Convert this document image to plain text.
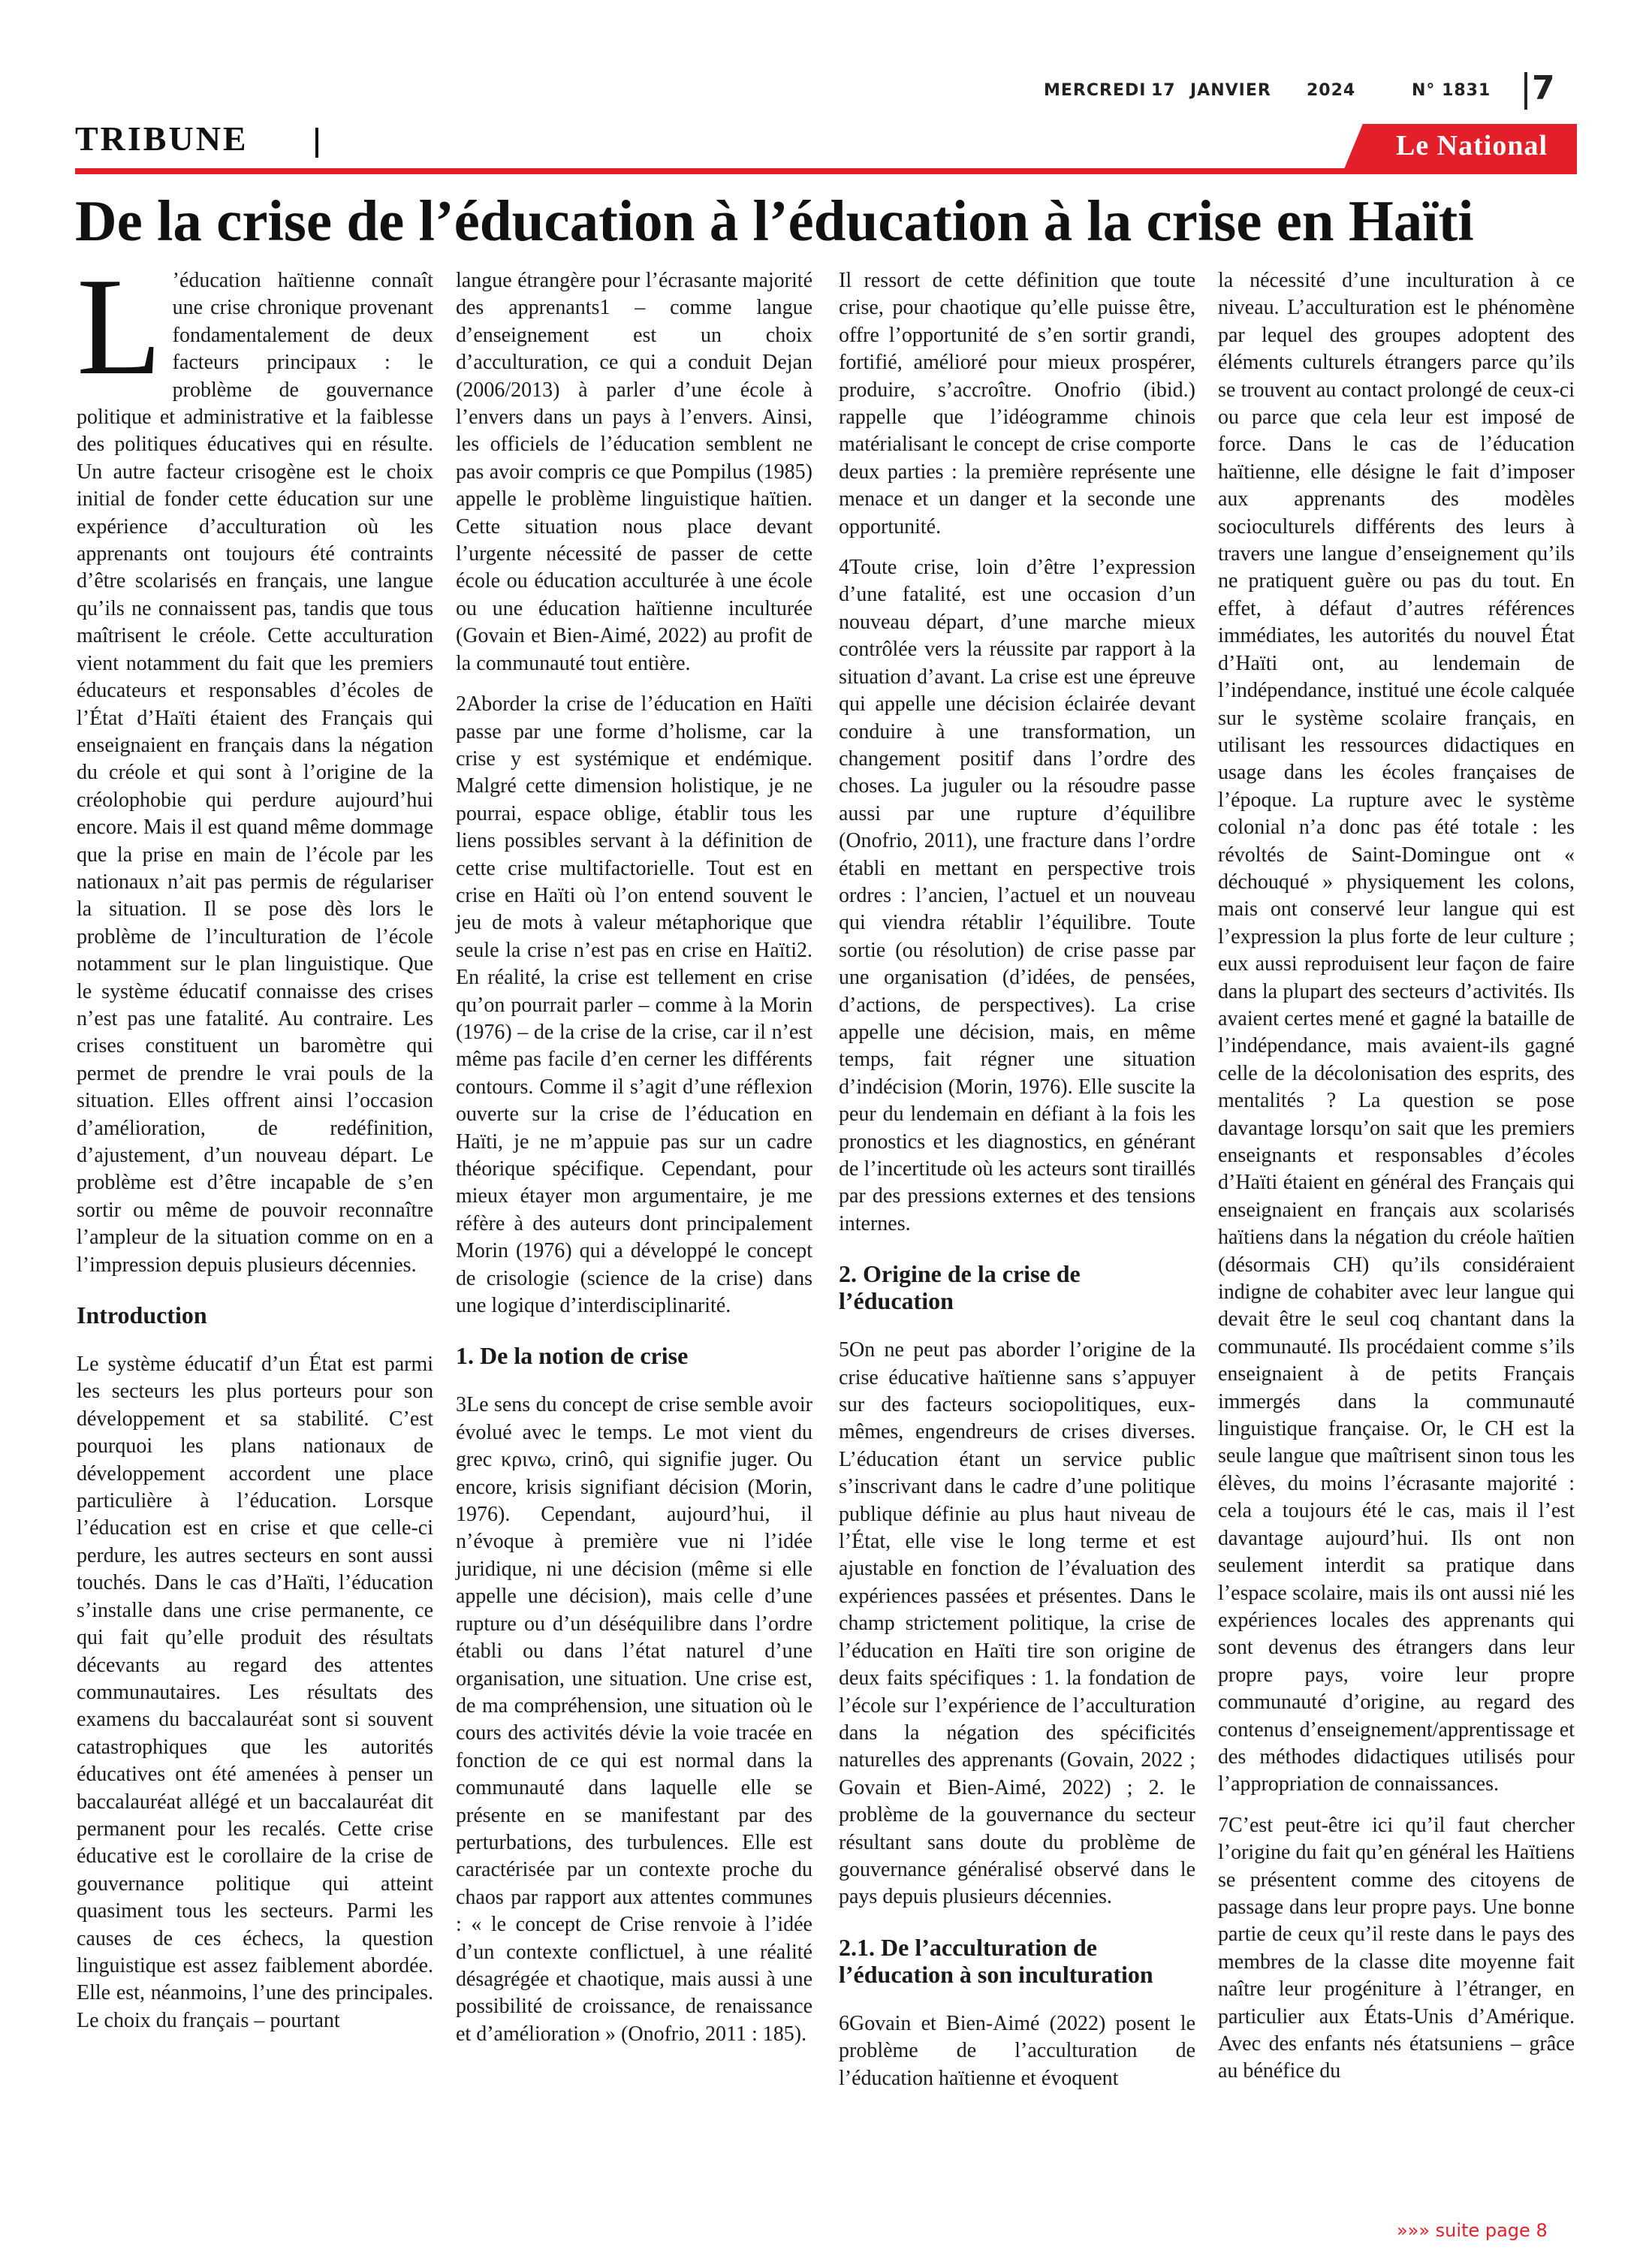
MERCREDI 17 JANVIER 2024	N° 1831 7
TRIBUNE	Le National
De la crise de l’éducation à l’éducation à la crise en Haïti

L ’éducation haïtienne connaît une crise chronique provenant fondamentalement de deux facteurs principaux : le problème de gouvernance politique et administrative et la faiblesse des politiques éducatives qui en résulte. Un autre facteur crisogène est le choix initial de fonder cette éducation sur une expérience d’acculturation où les apprenants ont toujours été contraints d’être scolarisés en français, une langue qu’ils ne connaissent pas, tandis que tous maîtrisent le créole. Cette acculturation vient notamment du fait que les premiers éducateurs et responsables d’écoles de l’État d’Haïti étaient des Français qui enseignaient en français dans la négation du créole et qui sont à l’origine de la créolophobie qui perdure aujourd’hui encore. Mais il est quand même dommage que la prise en main de l’école par les nationaux n’ait pas permis de régulariser la situation. Il se pose dès lors le problème de l’inculturation de l’école notamment sur le plan linguistique. Que le système éducatif connaisse des crises n’est pas une fatalité. Au contraire. Les crises constituent un baromètre qui permet de prendre le vrai pouls de la situation. Elles offrent ainsi l’occasion d’amélioration, de redéfinition, d’ajustement, d’un nouveau départ. Le problème est d’être incapable de s’en sortir ou même de pouvoir reconnaître l’ampleur de la situation comme on en a l’impression depuis plusieurs décennies.

Introduction

Le système éducatif d’un État est parmi les secteurs les plus porteurs pour son développement et sa stabilité. C’est pourquoi les plans nationaux de développement accordent une place particulière à l’éducation. Lorsque l’éducation est en crise et que celle-ci perdure, les autres secteurs en sont aussi touchés. Dans le cas d’Haïti, l’éducation s’installe dans une crise permanente, ce qui fait qu’elle produit des résultats décevants au regard des attentes communautaires. Les résultats des examens du baccalauréat sont si souvent catastrophiques que les autorités éducatives ont été amenées à penser un baccalauréat allégé et un baccalauréat dit permanent pour les recalés. Cette crise éducative est le corollaire de la crise de gouvernance politique qui atteint quasiment tous les secteurs. Parmi les causes de ces échecs, la question linguistique est assez faiblement abordée. Elle est, néanmoins, l’une des principales. Le choix du français – pourtant

langue étrangère pour l’écrasante majorité des apprenants1 – comme langue d’enseignement est un choix d’acculturation, ce qui a conduit Dejan (2006/2013) à parler d’une école à l’envers dans un pays à l’envers. Ainsi, les officiels de l’éducation semblent ne pas avoir compris ce que Pompilus (1985) appelle le problème linguistique haïtien. Cette situation nous place devant l’urgente nécessité de passer de cette école ou éducation acculturée à une école ou une éducation haïtienne inculturée (Govain et Bien-Aimé, 2022) au profit de la communauté tout entière.

2Aborder la crise de l’éducation en Haïti passe par une forme d’holisme, car la crise y est systémique et endémique. Malgré cette dimension holistique, je ne pourrai, espace oblige, établir tous les liens possibles servant à la définition de cette crise multifactorielle. Tout est en crise en Haïti où l’on entend souvent le jeu de mots à valeur métaphorique que seule la crise n’est pas en crise en Haïti2. En réalité, la crise est tellement en crise qu’on pourrait parler – comme à la Morin (1976) – de la crise de la crise, car il n’est même pas facile d’en cerner les différents contours. Comme il s’agit d’une réflexion ouverte sur la crise de l’éducation en Haïti, je ne m’appuie pas sur un cadre théorique spécifique. Cependant, pour mieux étayer mon argumentaire, je me réfère à des auteurs dont principalement Morin (1976) qui a développé le concept de crisologie (science de la crise) dans une logique d’interdisciplinarité.

1. De la notion de crise

3Le sens du concept de crise semble avoir évolué avec le temps. Le mot vient du grec κρινω, crinô, qui signifie juger. Ou encore, krisis signifiant décision (Morin, 1976). Cependant, aujourd’hui, il n’évoque à première vue ni l’idée juridique, ni une décision (même si elle appelle une décision), mais celle d’une rupture ou d’un déséquilibre dans l’ordre établi ou dans l’état naturel d’une organisation, une situation. Une crise est, de ma compréhension, une situation où le cours des activités dévie la voie tracée en fonction de ce qui est normal dans la communauté dans laquelle elle se présente en se manifestant par des perturbations, des turbulences. Elle est caractérisée par un contexte proche du chaos par rapport aux attentes communes : « le concept de Crise renvoie à l’idée d’un contexte conflictuel, à une réalité désagrégée et chaotique, mais aussi à une possibilité de croissance, de renaissance et d’amélioration » (Onofrio, 2011 : 185).

Il ressort de cette définition que toute crise, pour chaotique qu’elle puisse être, offre l’opportunité de s’en sortir grandi, fortifié, amélioré pour mieux prospérer, produire, s’accroître. Onofrio (ibid.) rappelle que l’idéogramme chinois matérialisant le concept de crise comporte deux parties : la première représente une menace et un danger et la seconde une opportunité.

4Toute crise, loin d’être l’expression d’une fatalité, est une occasion d’un nouveau départ, d’une marche mieux contrôlée vers la réussite par rapport à la situation d’avant. La crise est une épreuve qui appelle une décision éclairée devant conduire à une transformation, un changement positif dans l’ordre des choses. La juguler ou la résoudre passe aussi par une rupture d’équilibre (Onofrio, 2011), une fracture dans l’ordre établi en mettant en perspective trois ordres : l’ancien, l’actuel et un nouveau qui viendra rétablir l’équilibre. Toute sortie (ou résolution) de crise passe par une organisation (d’idées, de pensées, d’actions, de perspectives). La crise appelle une décision, mais, en même temps, fait régner une situation d’indécision (Morin, 1976). Elle suscite la peur du lendemain en défiant à la fois les pronostics et les diagnostics, en générant de l’incertitude où les acteurs sont tiraillés par des pressions externes et des tensions internes.

2. Origine de la crise de l’éducation

5On ne peut pas aborder l’origine de la crise éducative haïtienne sans s’appuyer sur des facteurs sociopolitiques, eux-mêmes, engendreurs de crises diverses. L’éducation étant un service public s’inscrivant dans le cadre d’une politique publique définie au plus haut niveau de l’État, elle vise le long terme et est ajustable en fonction de l’évaluation des expériences passées et présentes. Dans le champ strictement politique, la crise de l’éducation en Haïti tire son origine de deux faits spécifiques : 1. la fondation de l’école sur l’expérience de l’acculturation dans la négation des spécificités naturelles des apprenants (Govain, 2022 ; Govain et Bien-Aimé, 2022) ; 2. le problème de la gouvernance du secteur résultant sans doute du problème de gouvernance généralisé observé dans le pays depuis plusieurs décennies.

2.1. De l’acculturation de l’éducation à son inculturation

6Govain et Bien-Aimé (2022) posent le problème de l’acculturation de l’éducation haïtienne et évoquent

la nécessité d’une inculturation à ce niveau. L’acculturation est le phénomène par lequel des groupes adoptent des éléments culturels étrangers parce qu’ils se trouvent au contact prolongé de ceux-ci ou parce que cela leur est imposé de force. Dans le cas de l’éducation haïtienne, elle désigne le fait d’imposer aux apprenants des modèles socioculturels différents des leurs à travers une langue d’enseignement qu’ils ne pratiquent guère ou pas du tout. En effet, à défaut d’autres références immédiates, les autorités du nouvel État d’Haïti ont, au lendemain de l’indépendance, institué une école calquée sur le système scolaire français, en utilisant les ressources didactiques en usage dans les écoles françaises de l’époque. La rupture avec le système colonial n’a donc pas été totale : les révoltés de Saint-Domingue ont « déchouqué » physiquement les colons, mais ont conservé leur langue qui est l’expression la plus forte de leur culture ; eux aussi reproduisent leur façon de faire dans la plupart des secteurs d’activités. Ils avaient certes mené et gagné la bataille de l’indépendance, mais avaient-ils gagné celle de la décolonisation des esprits, des mentalités ? La question se pose davantage lorsqu’on sait que les premiers enseignants et responsables d’écoles d’Haïti étaient en général des Français qui enseignaient en français aux scolarisés haïtiens dans la négation du créole haïtien (désormais CH) qu’ils considéraient indigne de cohabiter avec leur langue qui devait être le seul coq chantant dans la communauté. Ils procédaient comme s’ils enseignaient à de petits Français immergés dans la communauté linguistique française. Or, le CH est la seule langue que maîtrisent sinon tous les élèves, du moins l’écrasante majorité : cela a toujours été le cas, mais il l’est davantage aujourd’hui. Ils ont non seulement interdit sa pratique dans l’espace scolaire, mais ils ont aussi nié les expériences locales des apprenants qui sont devenus des étrangers dans leur propre pays, voire leur propre communauté d’origine, au regard des contenus d’enseignement/apprentissage et des méthodes didactiques utilisés pour l’appropriation de connaissances.

7C’est peut-être ici qu’il faut chercher l’origine du fait qu’en général les Haïtiens se présentent comme des citoyens de passage dans leur propre pays. Une bonne partie de ceux qu’il reste dans le pays des membres de la classe dite moyenne fait naître leur progéniture à l’étranger, en particulier aux États-Unis d’Amérique. Avec des enfants nés étatsuniens – grâce au bénéfice du

»»» suite page 8
